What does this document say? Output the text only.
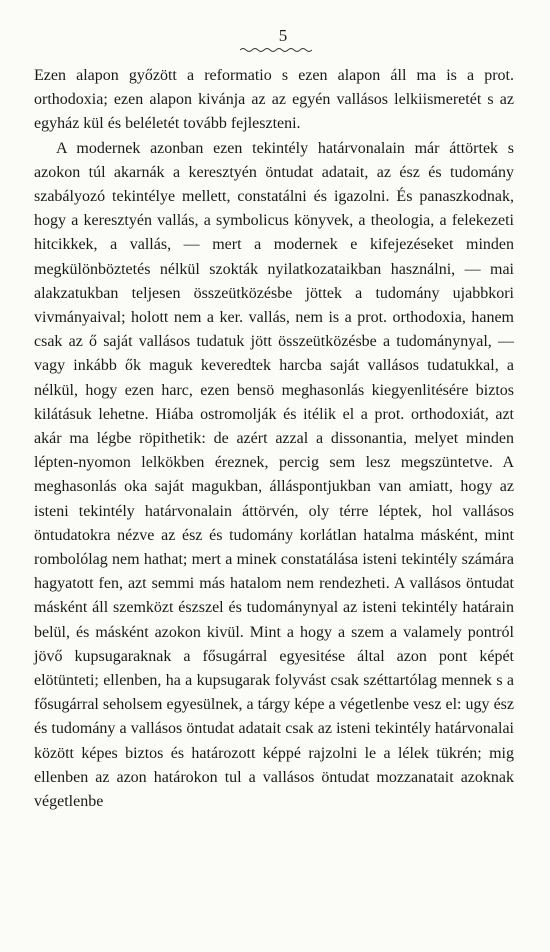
5

Ezen alapon győzött a reformatio s ezen alapon áll ma is a prot. orthodoxia; ezen alapon kivánja az az egyén vallásos lelkiismeretét s az egyház kül és beléletét tovább fejleszteni.

A modernek azonban ezen tekintély határvonalain már áttörtek s azokon túl akarnák a keresztyén öntudat adatait, az ész és tudomány szabályozó tekintélye mellett, constatálni és igazolni. És panaszkodnak, hogy a keresztyén vallás, a symbolicus könyvek, a theologia, a felekezeti hitcikkek, a vallás, — mert a modernek e kifejezéseket minden megkülönböztetés nélkül szokták nyilatkozataikban használni, — mai alakzatukban teljesen összeütközésbe jöttek a tudomány ujabbkori vivmányaival; holott nem a ker. vallás, nem is a prot. orthodoxia, hanem csak az ő saját vallásos tudatuk jött összeütközésbe a tudománynyal, — vagy inkább ők maguk keveredtek harcba saját vallásos tudatukkal, a nélkül, hogy ezen harc, ezen bensö meghasonlás kiegyenlitésére biztos kilátásuk lehetne. Hiába ostromolják és itélik el a prot. orthodoxiát, azt akár ma légbe röpithetik: de azért azzal a dissonantia, melyet minden lépten-nyomon lelkökben éreznek, percig sem lesz megszüntetve. A meghasonlás oka saját magukban, álláspontjukban van amiatt, hogy az isteni tekintély határvonalain áttörvén, oly térre léptek, hol vallásos öntudatokra nézve az ész és tudomány korlátlan hatalma másként, mint rombolólag nem hathat; mert a minek constatálása isteni tekintély számára hagyatott fen, azt semmi más hatalom nem rendezheti. A vallásos öntudat másként áll szemközt észszel és tudománynyal az isteni tekintély határain belül, és másként azokon kivül. Mint a hogy a szem a valamely pontról jövő kupsugaraknak a fősugárral egyesitése által azon pont képét elötünteti; ellenben, ha a kupsugarak folyvást csak széttartólag mennek s a fősugárral seholsem egyesülnek, a tárgy képe a végetlenbe vesz el: ugy ész és tudomány a vallásos öntudat adatait csak az isteni tekintély határvonalai között képes biztos és határozott képpé rajzolni le a lélek tükrén; mig ellenben az azon határokon tul a vallásos öntudat mozzanatait azoknak végetlenbe
